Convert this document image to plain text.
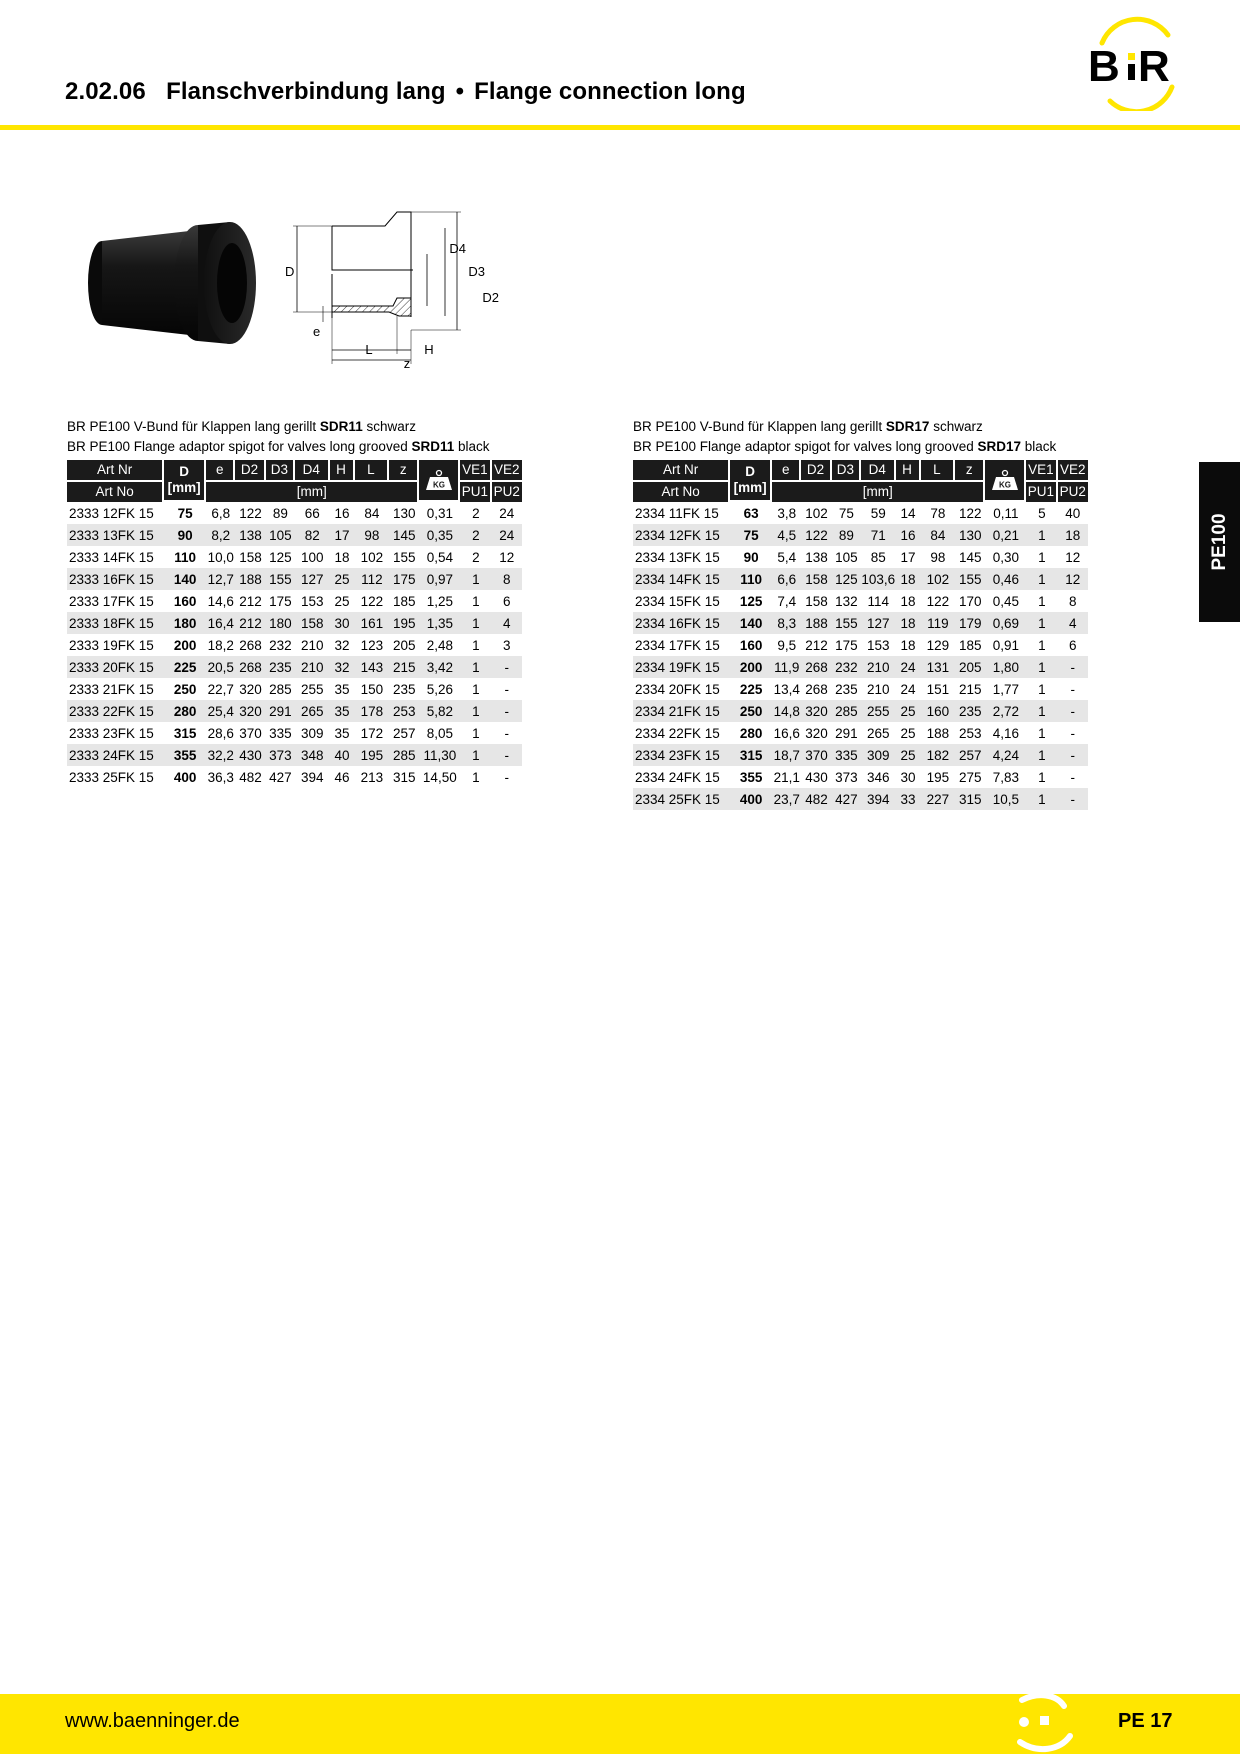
2.02.06 Flanschverbindung lang • Flange connection long
B R
PE100
D4
D3
D2
D
e
L	H
z
BR PE100 V-Bund für Klappen lang gerillt SDR11 schwarz
BR PE100 Flange adaptor spigot for valves long grooved SRD11 black
Art Nr	D
[mm]	e	D2	D3	D4	H	L	z	KG	VE1	VE2
Art No		[mm]								PU1	PU2
2333 12FK 15	75	6,8	122	89	66	16	84	130	0,31	2	24
2333 13FK 15	90	8,2	138	105	82	17	98	145	0,35	2	24
2333 14FK 15	110	10,0	158	125	100	18	102	155	0,54	2	12
2333 16FK 15	140	12,7	188	155	127	25	112	175	0,97	1	8
2333 17FK 15	160	14,6	212	175	153	25	122	185	1,25	1	6
2333 18FK 15	180	16,4	212	180	158	30	161	195	1,35	1	4
2333 19FK 15	200	18,2	268	232	210	32	123	205	2,48	1	3
2333 20FK 15	225	20,5	268	235	210	32	143	215	3,42	1	-
2333 21FK 15	250	22,7	320	285	255	35	150	235	5,26	1	-
2333 22FK 15	280	25,4	320	291	265	35	178	253	5,82	1	-
2333 23FK 15	315	28,6	370	335	309	35	172	257	8,05	1	-
2333 24FK 15	355	32,2	430	373	348	40	195	285	11,30	1	-
2333 25FK 15	400	36,3	482	427	394	46	213	315	14,50	1	-
BR PE100 V-Bund für Klappen lang gerillt SDR17 schwarz
BR PE100 Flange adaptor spigot for valves long grooved SRD17 black
Art Nr	D
[mm]	e	D2	D3	D4	H	L	z	KG	VE1	VE2
Art No		[mm]								PU1	PU2
2334 11FK 15	63	3,8	102	75	59	14	78	122	0,11	5	40
2334 12FK 15	75	4,5	122	89	71	16	84	130	0,21	1	18
2334 13FK 15	90	5,4	138	105	85	17	98	145	0,30	1	12
2334 14FK 15	110	6,6	158	125	103,6	18	102	155	0,46	1	12
2334 15FK 15	125	7,4	158	132	114	18	122	170	0,45	1	8
2334 16FK 15	140	8,3	188	155	127	18	119	179	0,69	1	4
2334 17FK 15	160	9,5	212	175	153	18	129	185	0,91	1	6
2334 19FK 15	200	11,9	268	232	210	24	131	205	1,80	1	-
2334 20FK 15	225	13,4	268	235	210	24	151	215	1,77	1	-
2334 21FK 15	250	14,8	320	285	255	25	160	235	2,72	1	-
2334 22FK 15	280	16,6	320	291	265	25	188	253	4,16	1	-
2334 23FK 15	315	18,7	370	335	309	25	182	257	4,24	1	-
2334 24FK 15	355	21,1	430	373	346	30	195	275	7,83	1	-
2334 25FK 15	400	23,7	482	427	394	33	227	315	10,5	1	-
www.baenninger.de	PE 17
